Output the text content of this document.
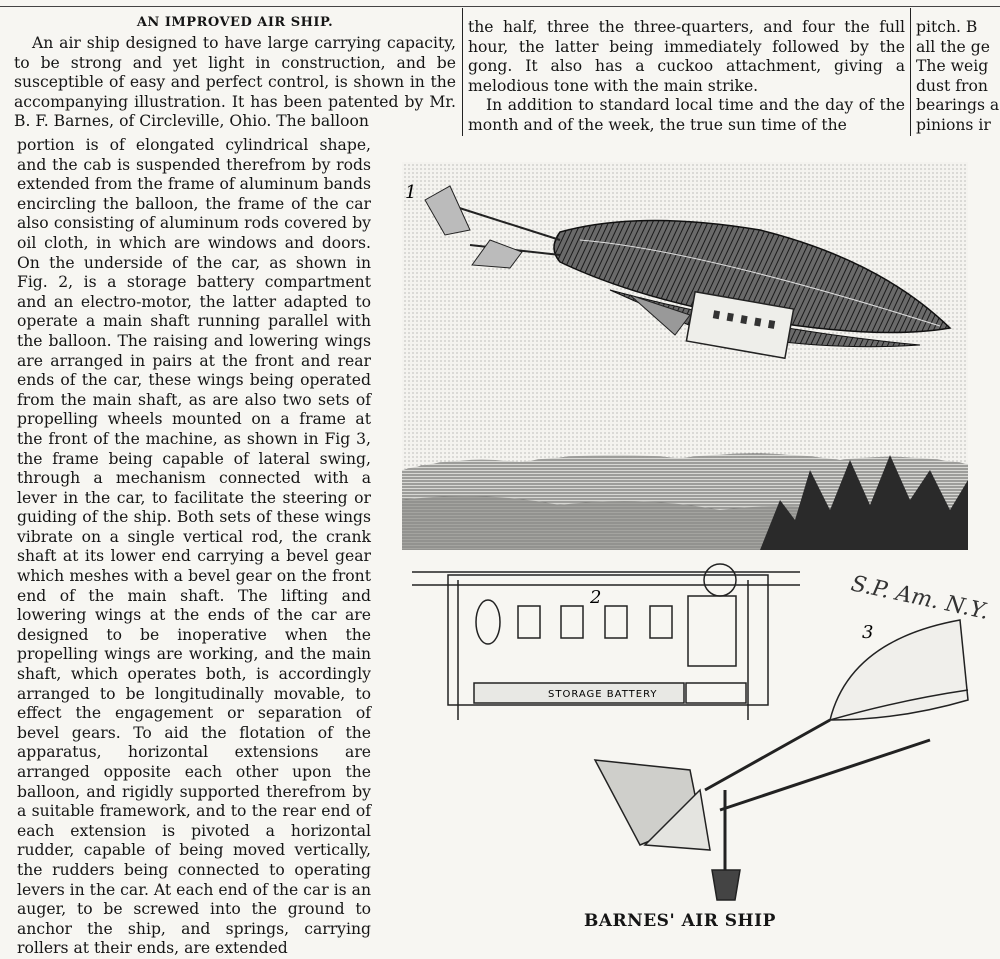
AN IMPROVED AIR SHIP.

An air ship designed to have large carrying capacity, to be strong and yet light in construction, and be susceptible of easy and perfect control, is shown in the accompanying illustration. It has been patented by Mr. B. F. Barnes, of Circleville, Ohio. The balloon

portion is of elongated cylindrical shape, and the cab is suspended therefrom by rods extended from the frame of aluminum bands encircling the balloon, the frame of the car also consisting of aluminum rods covered by oil cloth, in which are windows and doors. On the underside of the car, as shown in Fig. 2, is a storage battery compartment and an electro-motor, the latter adapted to operate a main shaft running parallel with the balloon. The raising and lowering wings are arranged in pairs at the front and rear ends of the car, these wings being operated from the main shaft, as are also two sets of propelling wheels mounted on a frame at the front of the machine, as shown in Fig 3, the frame being capable of lateral swing, through a mechanism connected with a lever in the car, to facilitate the steering or guiding of the ship. Both sets of these wings vibrate on a single vertical rod, the crank shaft at its lower end carrying a bevel gear which meshes with a bevel gear on the front end of the main shaft. The lifting and lowering wings at the ends of the car are designed to be inoperative when the propelling wings are working, and the main shaft, which operates both, is accordingly arranged to be longitudinally movable, to effect the engagement or separation of bevel gears. To aid the flotation of the apparatus, horizontal extensions are arranged opposite each other upon the balloon, and rigidly supported therefrom by a suitable framework, and to the rear end of each extension is pivoted a horizontal rudder, capable of being moved vertically, the rudders being connected to operating levers in the car. At each end of the car is an auger, to be screwed into the ground to anchor the ship, and springs, carrying rollers at their ends, are extended

the half, three the three-quarters, and four the full hour, the latter being immediately followed by the gong. It also has a cuckoo attachment, giving a melodious tone with the main strike.

In addition to standard local time and the day of the month and of the week, the true sun time of the

pitch. B
all the ge
The weig
dust fron
bearings a
pinions ir
1
S.P. Am. N.Y.
2
STORAGE BATTERY
3
BARNES' AIR SHIP
